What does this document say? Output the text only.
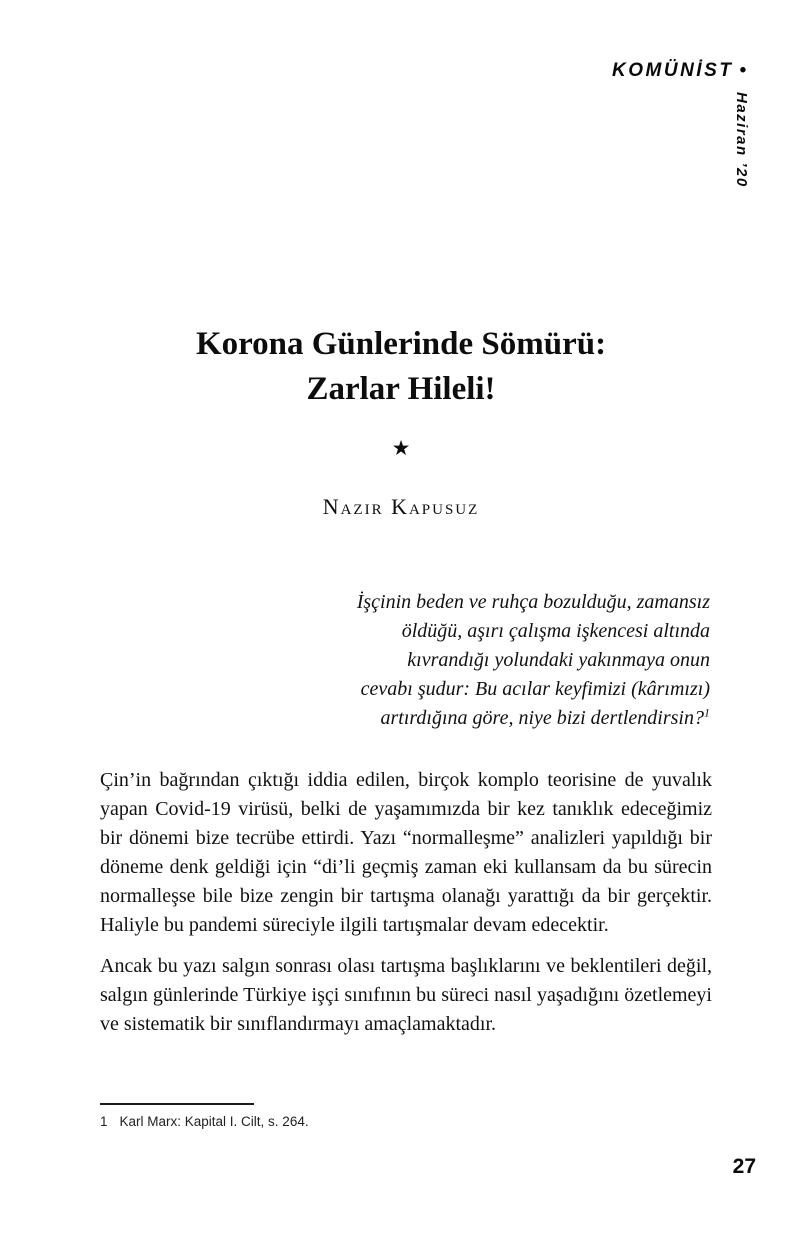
KOMÜNİST •
Haziran ’20
Korona Günlerinde Sömürü:
Zarlar Hileli!
★
Nazır Kapusuz
İşçinin beden ve ruhça bozulduğu, zamansız
öldüğü, aşırı çalışma işkencesi altında
kıvrandığı yolundaki yakınmaya onun
cevabı şudur: Bu acılar keyfimizi (kârımızı)
artırdığına göre, niye bizi dertlendirsin?$^1$

Çin’in bağrından çıktığı iddia edilen, birçok komplo teorisine de yuvalık yapan Covid-19 virüsü, belki de yaşamımızda bir kez tanıklık edeceğimiz bir dönemi bize tecrübe ettirdi. Yazı “normalleşme” analizleri yapıldığı bir döneme denk geldiği için “di’li geçmiş zaman eki kullansam da bu sürecin normalleşse bile bize zengin bir tartışma olanağı yarattığı da bir gerçektir. Haliyle bu pandemi süreciyle ilgili tartışmalar devam edecektir.

Ancak bu yazı salgın sonrası olası tartışma başlıklarını ve beklentileri değil, salgın günlerinde Türkiye işçi sınıfının bu süreci nasıl yaşadığını özetlemeyi ve sistematik bir sınıflandırmayı amaçlamaktadır.

1 Karl Marx: Kapital I. Cilt, s. 264.
27
